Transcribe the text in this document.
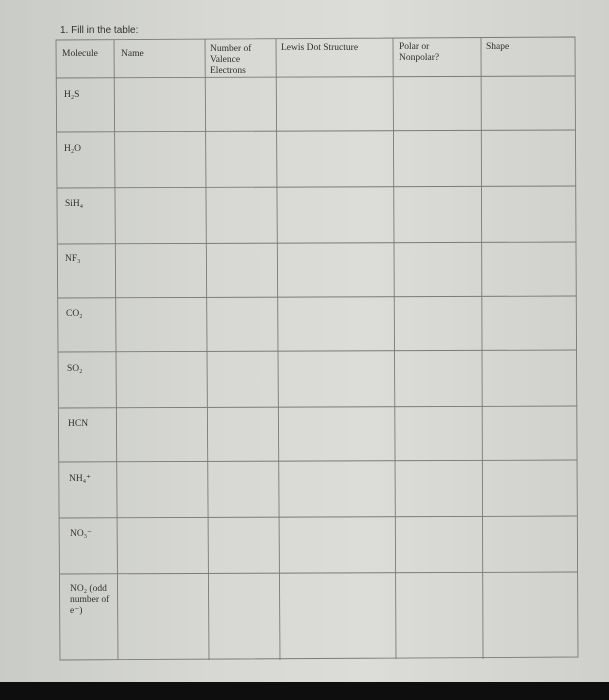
1. Fill in the table:
Molecule Name	Number of
Valence
Electrons
Lewis Dot Structure	Polar or
Nonpolar?
Shape
H₂S
H₂O
SiH₄
NF₃
CO₂
SO₂
HCN
NH₄⁺
NO₃⁻
NO₂ (odd
number of
e⁻)
